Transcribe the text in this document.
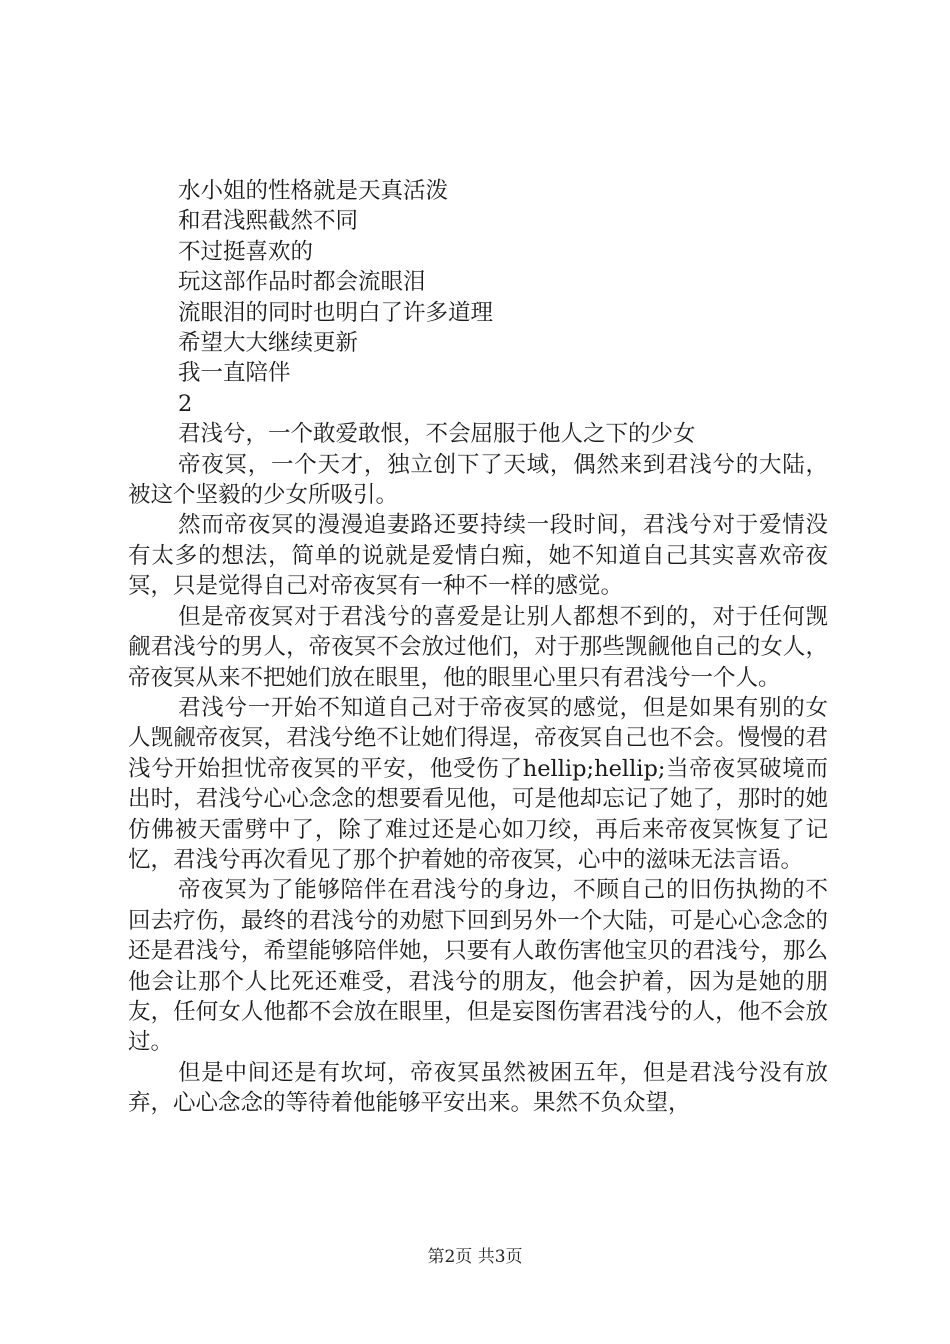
水小姐的性格就是天真活泼

和君浅熙截然不同

不过挺喜欢的

玩这部作品时都会流眼泪

流眼泪的同时也明白了许多道理

希望大大继续更新

我一直陪伴

2

君浅兮，一个敢爱敢恨，不会屈服于他人之下的少女

帝夜冥，一个天才，独立创下了天域，偶然来到君浅兮的大陆，被这个坚毅的少女所吸引。

然而帝夜冥的漫漫追妻路还要持续一段时间，君浅兮对于爱情没有太多的想法，简单的说就是爱情白痴，她不知道自己其实喜欢帝夜冥，只是觉得自己对帝夜冥有一种不一样的感觉。

但是帝夜冥对于君浅兮的喜爱是让别人都想不到的，对于任何觊觎君浅兮的男人，帝夜冥不会放过他们，对于那些觊觎他自己的女人，帝夜冥从来不把她们放在眼里，他的眼里心里只有君浅兮一个人。

君浅兮一开始不知道自己对于帝夜冥的感觉，但是如果有别的女人觊觎帝夜冥，君浅兮绝不让她们得逞，帝夜冥自己也不会。慢慢的君浅兮开始担忧帝夜冥的平安，他受伤了hellip;hellip;当帝夜冥破境而出时，君浅兮心心念念的想要看见他，可是他却忘记了她了，那时的她仿佛被天雷劈中了，除了难过还是心如刀绞，再后来帝夜冥恢复了记忆，君浅兮再次看见了那个护着她的帝夜冥，心中的滋味无法言语。

帝夜冥为了能够陪伴在君浅兮的身边，不顾自己的旧伤执拗的不回去疗伤，最终的君浅兮的劝慰下回到另外一个大陆，可是心心念念的还是君浅兮，希望能够陪伴她，只要有人敢伤害他宝贝的君浅兮，那么他会让那个人比死还难受，君浅兮的朋友，他会护着，因为是她的朋友，任何女人他都不会放在眼里，但是妄图伤害君浅兮的人，他不会放过。

但是中间还是有坎坷，帝夜冥虽然被困五年，但是君浅兮没有放弃，心心念念的等待着他能够平安出来。果然不负众望，

第2页 共3页
